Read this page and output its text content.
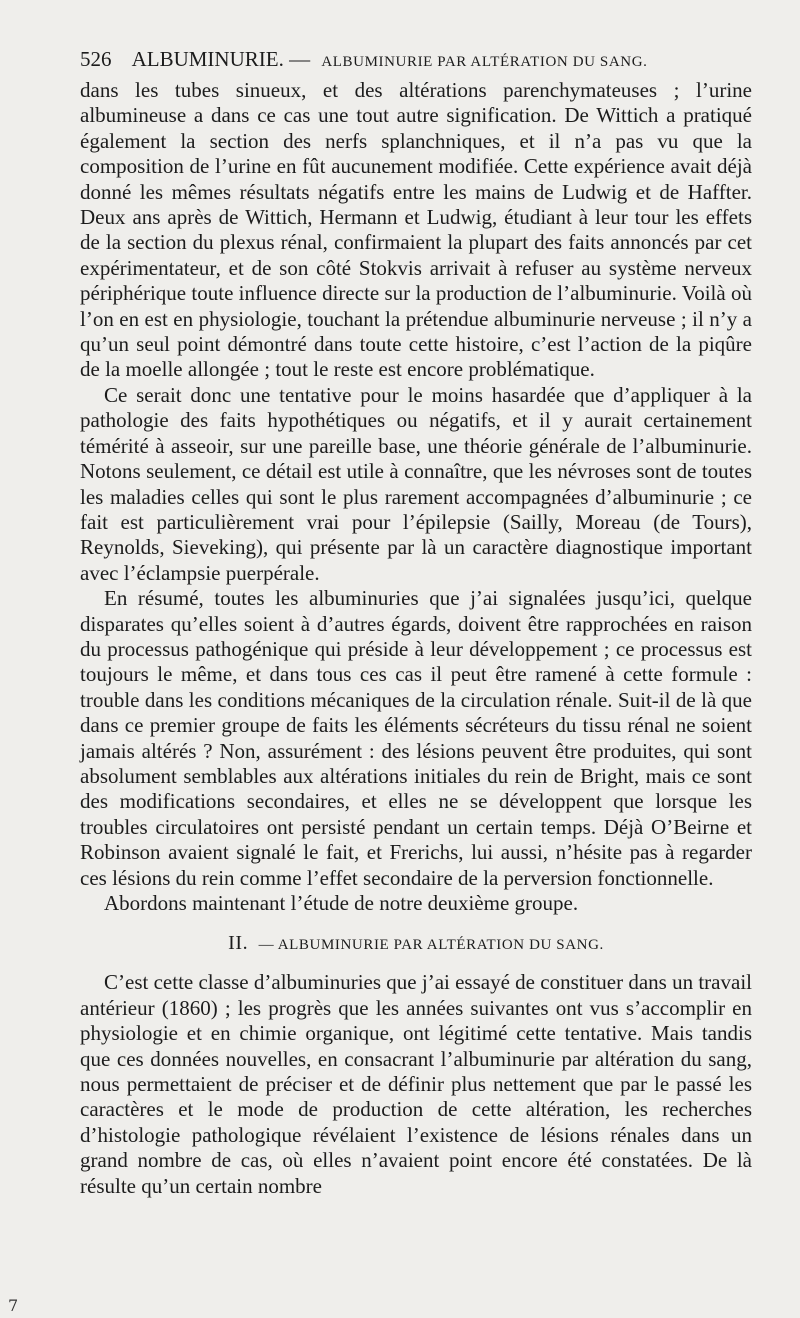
526 ALBUMINURIE. — ALBUMINURIE PAR ALTÉRATION DU SANG.

dans les tubes sinueux, et des altérations parenchymateuses ; l’urine albumineuse a dans ce cas une tout autre signification. De Wittich a pratiqué également la section des nerfs splanchniques, et il n’a pas vu que la composition de l’urine en fût aucunement modifiée. Cette expérience avait déjà donné les mêmes résultats négatifs entre les mains de Ludwig et de Haffter. Deux ans après de Wittich, Hermann et Ludwig, étudiant à leur tour les effets de la section du plexus rénal, confirmaient la plupart des faits annoncés par cet expérimentateur, et de son côté Stokvis arrivait à refuser au système nerveux périphérique toute influence directe sur la production de l’albuminurie. Voilà où l’on en est en physiologie, touchant la prétendue albuminurie nerveuse ; il n’y a qu’un seul point démontré dans toute cette histoire, c’est l’action de la piqûre de la moelle allongée ; tout le reste est encore problématique.

Ce serait donc une tentative pour le moins hasardée que d’appliquer à la pathologie des faits hypothétiques ou négatifs, et il y aurait certainement témérité à asseoir, sur une pareille base, une théorie générale de l’albuminurie. Notons seulement, ce détail est utile à connaître, que les névroses sont de toutes les maladies celles qui sont le plus rarement accompagnées d’albuminurie ; ce fait est particulièrement vrai pour l’épilepsie (Sailly, Moreau (de Tours), Reynolds, Sieveking), qui présente par là un caractère diagnostique important avec l’éclampsie puerpérale.

En résumé, toutes les albuminuries que j’ai signalées jusqu’ici, quelque disparates qu’elles soient à d’autres égards, doivent être rapprochées en raison du processus pathogénique qui préside à leur développement ; ce processus est toujours le même, et dans tous ces cas il peut être ramené à cette formule : trouble dans les conditions mécaniques de la circulation rénale. Suit-il de là que dans ce premier groupe de faits les éléments sécréteurs du tissu rénal ne soient jamais altérés ? Non, assurément : des lésions peuvent être produites, qui sont absolument semblables aux altérations initiales du rein de Bright, mais ce sont des modifications secondaires, et elles ne se développent que lorsque les troubles circulatoires ont persisté pendant un certain temps. Déjà O’Beirne et Robinson avaient signalé le fait, et Frerichs, lui aussi, n’hésite pas à regarder ces lésions du rein comme l’effet secondaire de la perversion fonctionnelle.

Abordons maintenant l’étude de notre deuxième groupe.

II. — ALBUMINURIE PAR ALTÉRATION DU SANG.

C’est cette classe d’albuminuries que j’ai essayé de constituer dans un travail antérieur (1860) ; les progrès que les années suivantes ont vus s’accomplir en physiologie et en chimie organique, ont légitimé cette tentative. Mais tandis que ces données nouvelles, en consacrant l’albuminurie par altération du sang, nous permettaient de préciser et de définir plus nettement que par le passé les caractères et le mode de production de cette altération, les recherches d’histologie pathologique révélaient l’existence de lésions rénales dans un grand nombre de cas, où elles n’avaient point encore été constatées. De là résulte qu’un certain nombre

7
